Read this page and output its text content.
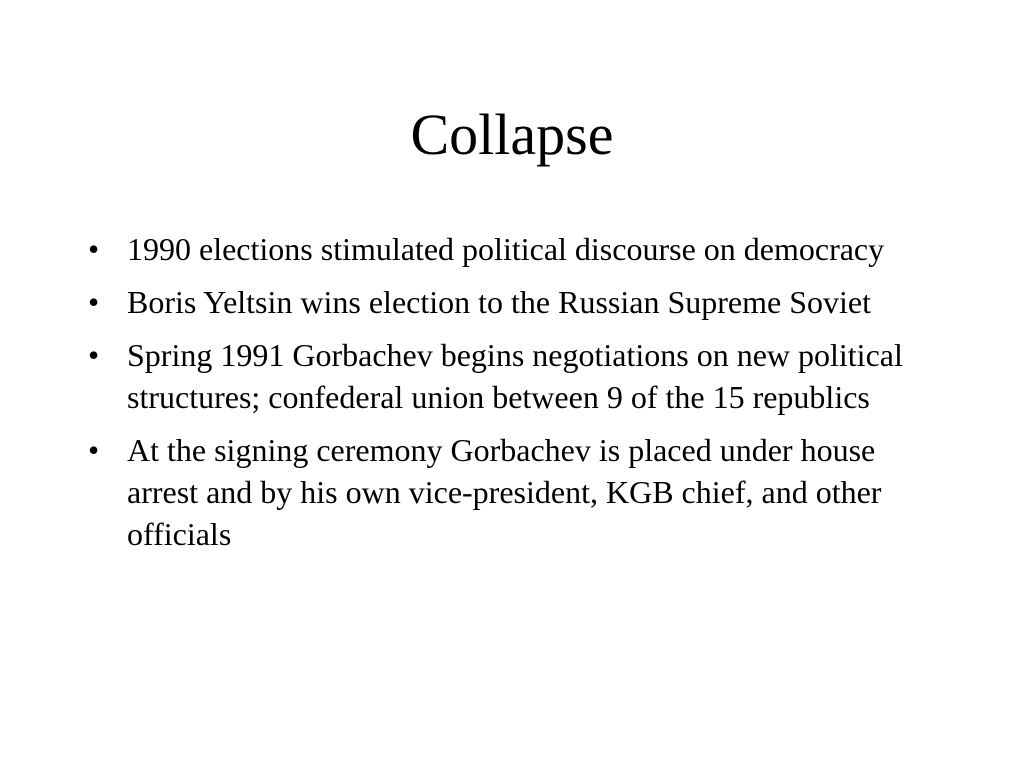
Collapse
• 1990 elections stimulated political discourse on democracy
• Boris Yeltsin wins election to the Russian Supreme Soviet
• Spring 1991 Gorbachev begins negotiations on new political structures; confederal union between 9 of the 15 republics
• At the signing ceremony Gorbachev is placed under house arrest and by his own vice-president, KGB chief, and other officials
